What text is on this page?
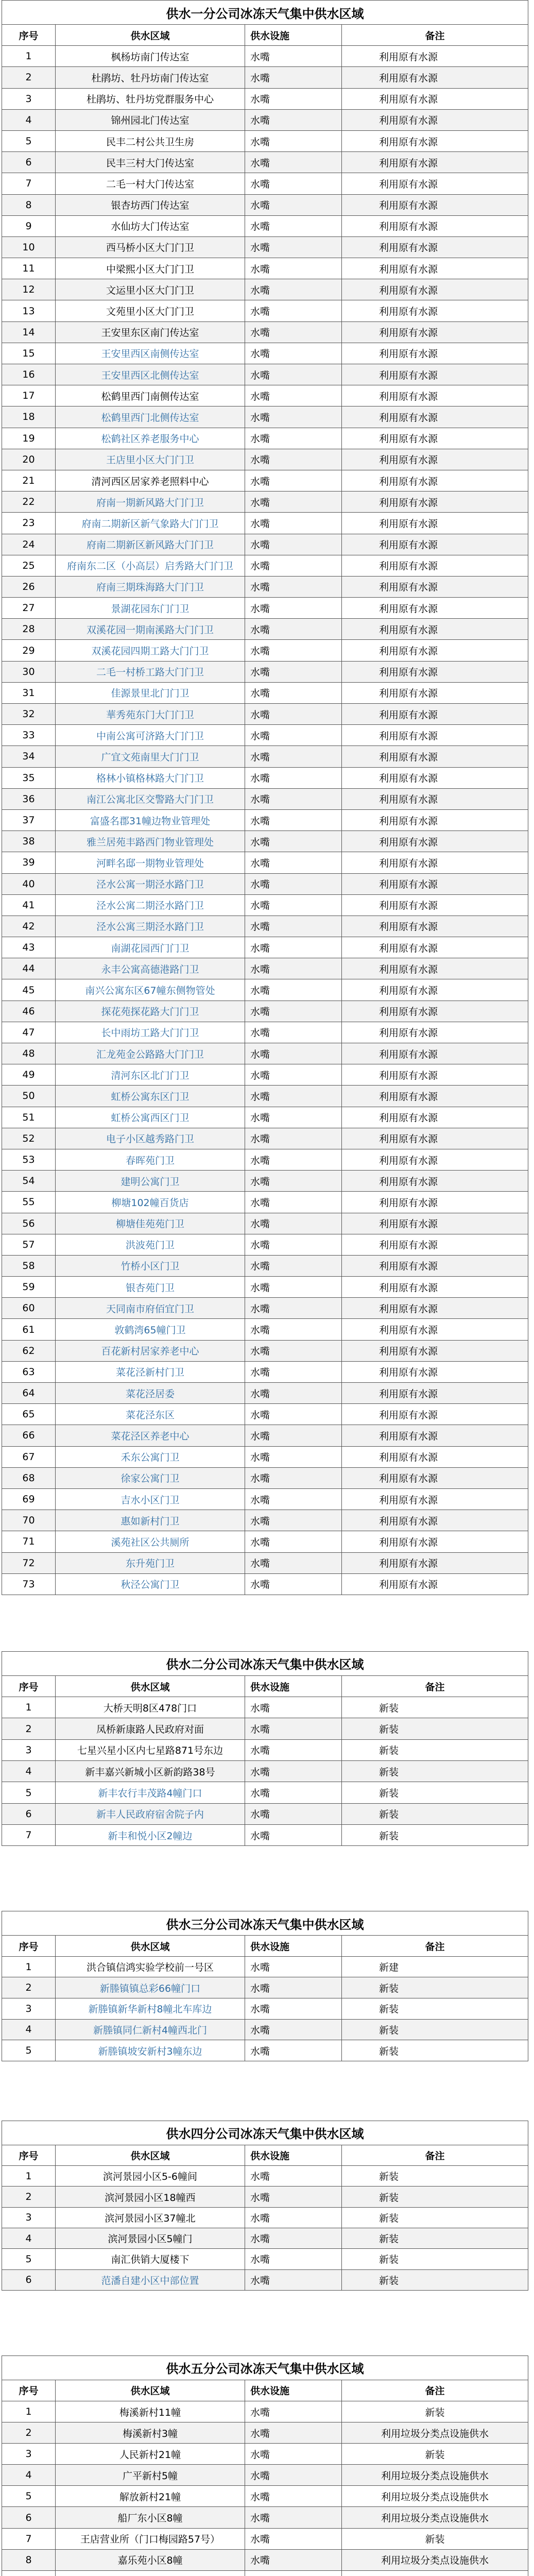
供水一分公司冰冻天气集中供水区域			
序号	供水区域	供水设施	备注
1	枫杨坊南门传达室	水嘴	利用原有水源
2	杜鹃坊、牡丹坊南门传达室	水嘴	利用原有水源
3	杜鹃坊、牡丹坊党群服务中心	水嘴	利用原有水源
4	锦州园北门传达室	水嘴	利用原有水源
5	民丰二村公共卫生房	水嘴	利用原有水源
6	民丰三村大门传达室	水嘴	利用原有水源
7	二毛一村大门传达室	水嘴	利用原有水源
8	银杏坊西门传达室	水嘴	利用原有水源
9	水仙坊大门传达室	水嘴	利用原有水源
10	西马桥小区大门门卫	水嘴	利用原有水源
11	中梁熙小区大门门卫	水嘴	利用原有水源
12	文运里小区大门门卫	水嘴	利用原有水源
13	文苑里小区大门门卫	水嘴	利用原有水源
14	王安里东区南门传达室	水嘴	利用原有水源
15	王安里西区南侧传达室	水嘴	利用原有水源
16	王安里西区北侧传达室	水嘴	利用原有水源
17	松鹤里西门南侧传达室	水嘴	利用原有水源
18	松鹤里西门北侧传达室	水嘴	利用原有水源
19	松鹤社区养老服务中心	水嘴	利用原有水源
20	王店里小区大门门卫	水嘴	利用原有水源
21	清河西区居家养老照料中心	水嘴	利用原有水源
22	府南一期新风路大门门卫	水嘴	利用原有水源
23	府南二期新区新气象路大门门卫	水嘴	利用原有水源
24	府南二期新区新风路大门门卫	水嘴	利用原有水源
25	府南东二区（小高层）启秀路大门门卫	水嘴	利用原有水源
26	府南三期珠海路大门门卫	水嘴	利用原有水源
27	景湖花园东门门卫	水嘴	利用原有水源
28	双溪花园一期南溪路大门门卫	水嘴	利用原有水源
29	双溪花园四期工路大门门卫	水嘴	利用原有水源
30	二毛一村桥工路大门门卫	水嘴	利用原有水源
31	佳源景里北门门卫	水嘴	利用原有水源
32	華秀苑东门大门门卫	水嘴	利用原有水源
33	中南公寓可济路大门门卫	水嘴	利用原有水源
34	广宜文苑南里大门门卫	水嘴	利用原有水源
35	格林小镇格林路大门门卫	水嘴	利用原有水源
36	南江公寓北区交警路大门门卫	水嘴	利用原有水源
37	富盛名郡31幢边物业管理处	水嘴	利用原有水源
38	雅兰居苑丰路西门物业管理处	水嘴	利用原有水源
39	河畔名邸一期物业管理处	水嘴	利用原有水源
40	泾水公寓一期泾水路门卫	水嘴	利用原有水源
41	泾水公寓二期泾水路门卫	水嘴	利用原有水源
42	泾水公寓三期泾水路门卫	水嘴	利用原有水源
43	南湖花园西门门卫	水嘴	利用原有水源
44	永丰公寓高德港路门卫	水嘴	利用原有水源
45	南兴公寓东区67幢东侧物管处	水嘴	利用原有水源
46	探花苑探花路大门门卫	水嘴	利用原有水源
47	长中雨坊工路大门门卫	水嘴	利用原有水源
48	汇龙苑金公路路大门门卫	水嘴	利用原有水源
49	清河东区北门门卫	水嘴	利用原有水源
50	虹桥公寓东区门卫	水嘴	利用原有水源
51	虹桥公寓西区门卫	水嘴	利用原有水源
52	电子小区越秀路门卫	水嘴	利用原有水源
53	春晖苑门卫	水嘴	利用原有水源
54	建明公寓门卫	水嘴	利用原有水源
55	柳塘102幢百货店	水嘴	利用原有水源
56	柳塘佳苑苑门卫	水嘴	利用原有水源
57	洪波苑门卫	水嘴	利用原有水源
58	竹桥小区门卫	水嘴	利用原有水源
59	银杏苑门卫	水嘴	利用原有水源
60	天同南市府佰宜门卫	水嘴	利用原有水源
61	敦鹤湾65幢门卫	水嘴	利用原有水源
62	百花新村居家养老中心	水嘴	利用原有水源
63	菜花泾新村门卫	水嘴	利用原有水源
64	菜花泾居委	水嘴	利用原有水源
65	菜花泾东区	水嘴	利用原有水源
66	菜花泾区养老中心	水嘴	利用原有水源
67	禾东公寓门卫	水嘴	利用原有水源
68	徐家公寓门卫	水嘴	利用原有水源
69	吉水小区门卫	水嘴	利用原有水源
70	惠如新村门卫	水嘴	利用原有水源
71	溪苑社区公共厕所	水嘴	利用原有水源
72	东升苑门卫	水嘴	利用原有水源
73	秋泾公寓门卫	水嘴	利用原有水源
供水二分公司冰冻天气集中供水区域			
序号	供水区域	供水设施	备注
1	大桥天明8区478门口	水嘴	新装
2	凤桥新康路人民政府对面	水嘴	新装
3	七星兴星小区内七星路871号东边	水嘴	新装
4	新丰嘉兴新城小区新韵路38号	水嘴	新装
5	新丰农行丰茂路4幢门口	水嘴	新装
6	新丰人民政府宿舍院子内	水嘴	新装
7	新丰和悦小区2幢边	水嘴	新装
供水三分公司冰冻天气集中供水区域			
序号	供水区域	供水设施	备注
1	洪合镇信鸿实验学校前一号区	水嘴	新建
2	新塍镇镇总彩66幢门口	水嘴	新装
3	新塍镇新华新村8幢北车库边	水嘴	新装
4	新塍镇同仁新村4幢西北门	水嘴	新装
5	新塍镇坡安新村3幢东边	水嘴	新装
供水四分公司冰冻天气集中供水区域			
序号	供水区域	供水设施	备注
1	滨河景园小区5-6幢间	水嘴	新装
2	滨河景园小区18幢西	水嘴	新装
3	滨河景园小区37幢北	水嘴	新装
4	滨河景园小区5幢门	水嘴	新装
5	南汇供销大厦楼下	水嘴	新装
6	范潘自建小区中部位置	水嘴	新装
供水五分公司冰冻天气集中供水区域			
序号	供水区域	供水设施	备注
1	梅溪新村11幢	水嘴	新装
2	梅溪新村3幢	水嘴	利用垃圾分类点设施供水
3	人民新村21幢	水嘴	新装
4	广平新村5幢	水嘴	利用垃圾分类点设施供水
5	解放新村21幢	水嘴	利用垃圾分类点设施供水
6	船厂东小区8幢	水嘴	利用垃圾分类点设施供水
7	王店营业所（门口梅园路57号）	水嘴	新装
8	嘉乐苑小区8幢	水嘴	利用垃圾分类点设施供水
